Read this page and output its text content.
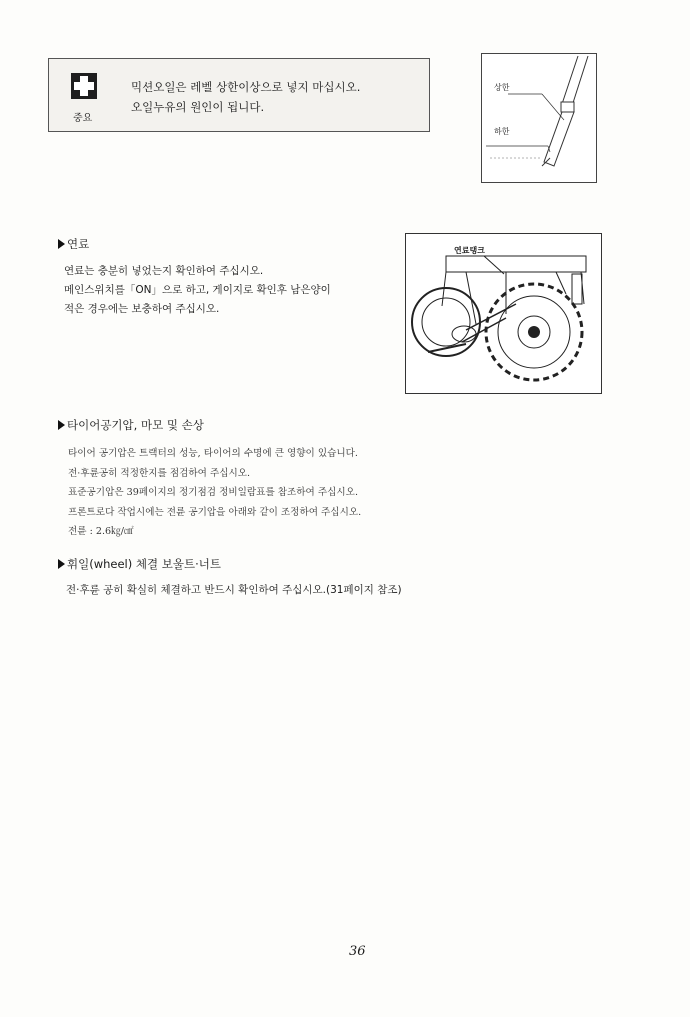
중요
믹션오일은 레벨 상한이상으로 넣지 마십시오.
오일누유의 원인이 됩니다.
상한
하한
연료
연료는 충분히 넣었는지 확인하여 주십시오.
메인스위치를「ON」으로 하고, 게이지로 확인후 남은양이
적은 경우에는 보충하여 주십시오.
연료탱크
타이어공기압, 마모 및 손상
타이어 공기압은 트랙터의 성능, 타이어의 수명에 큰 영향이 있습니다.
전·후륜공히 적정한지를 점검하여 주십시오.
표준공기압은 39페이지의 정기점검 정비일람표를 참조하여 주십시오.
프론트로다 작업시에는 전륜 공기압을 아래와 같이 조정하여 주십시오.
전륜 : 2.6㎏/㎠
휘일(wheel) 체결 보울트·너트
전·후륜 공히 확실히 체결하고 반드시 확인하여 주십시오.(31페이지 참조)
36
